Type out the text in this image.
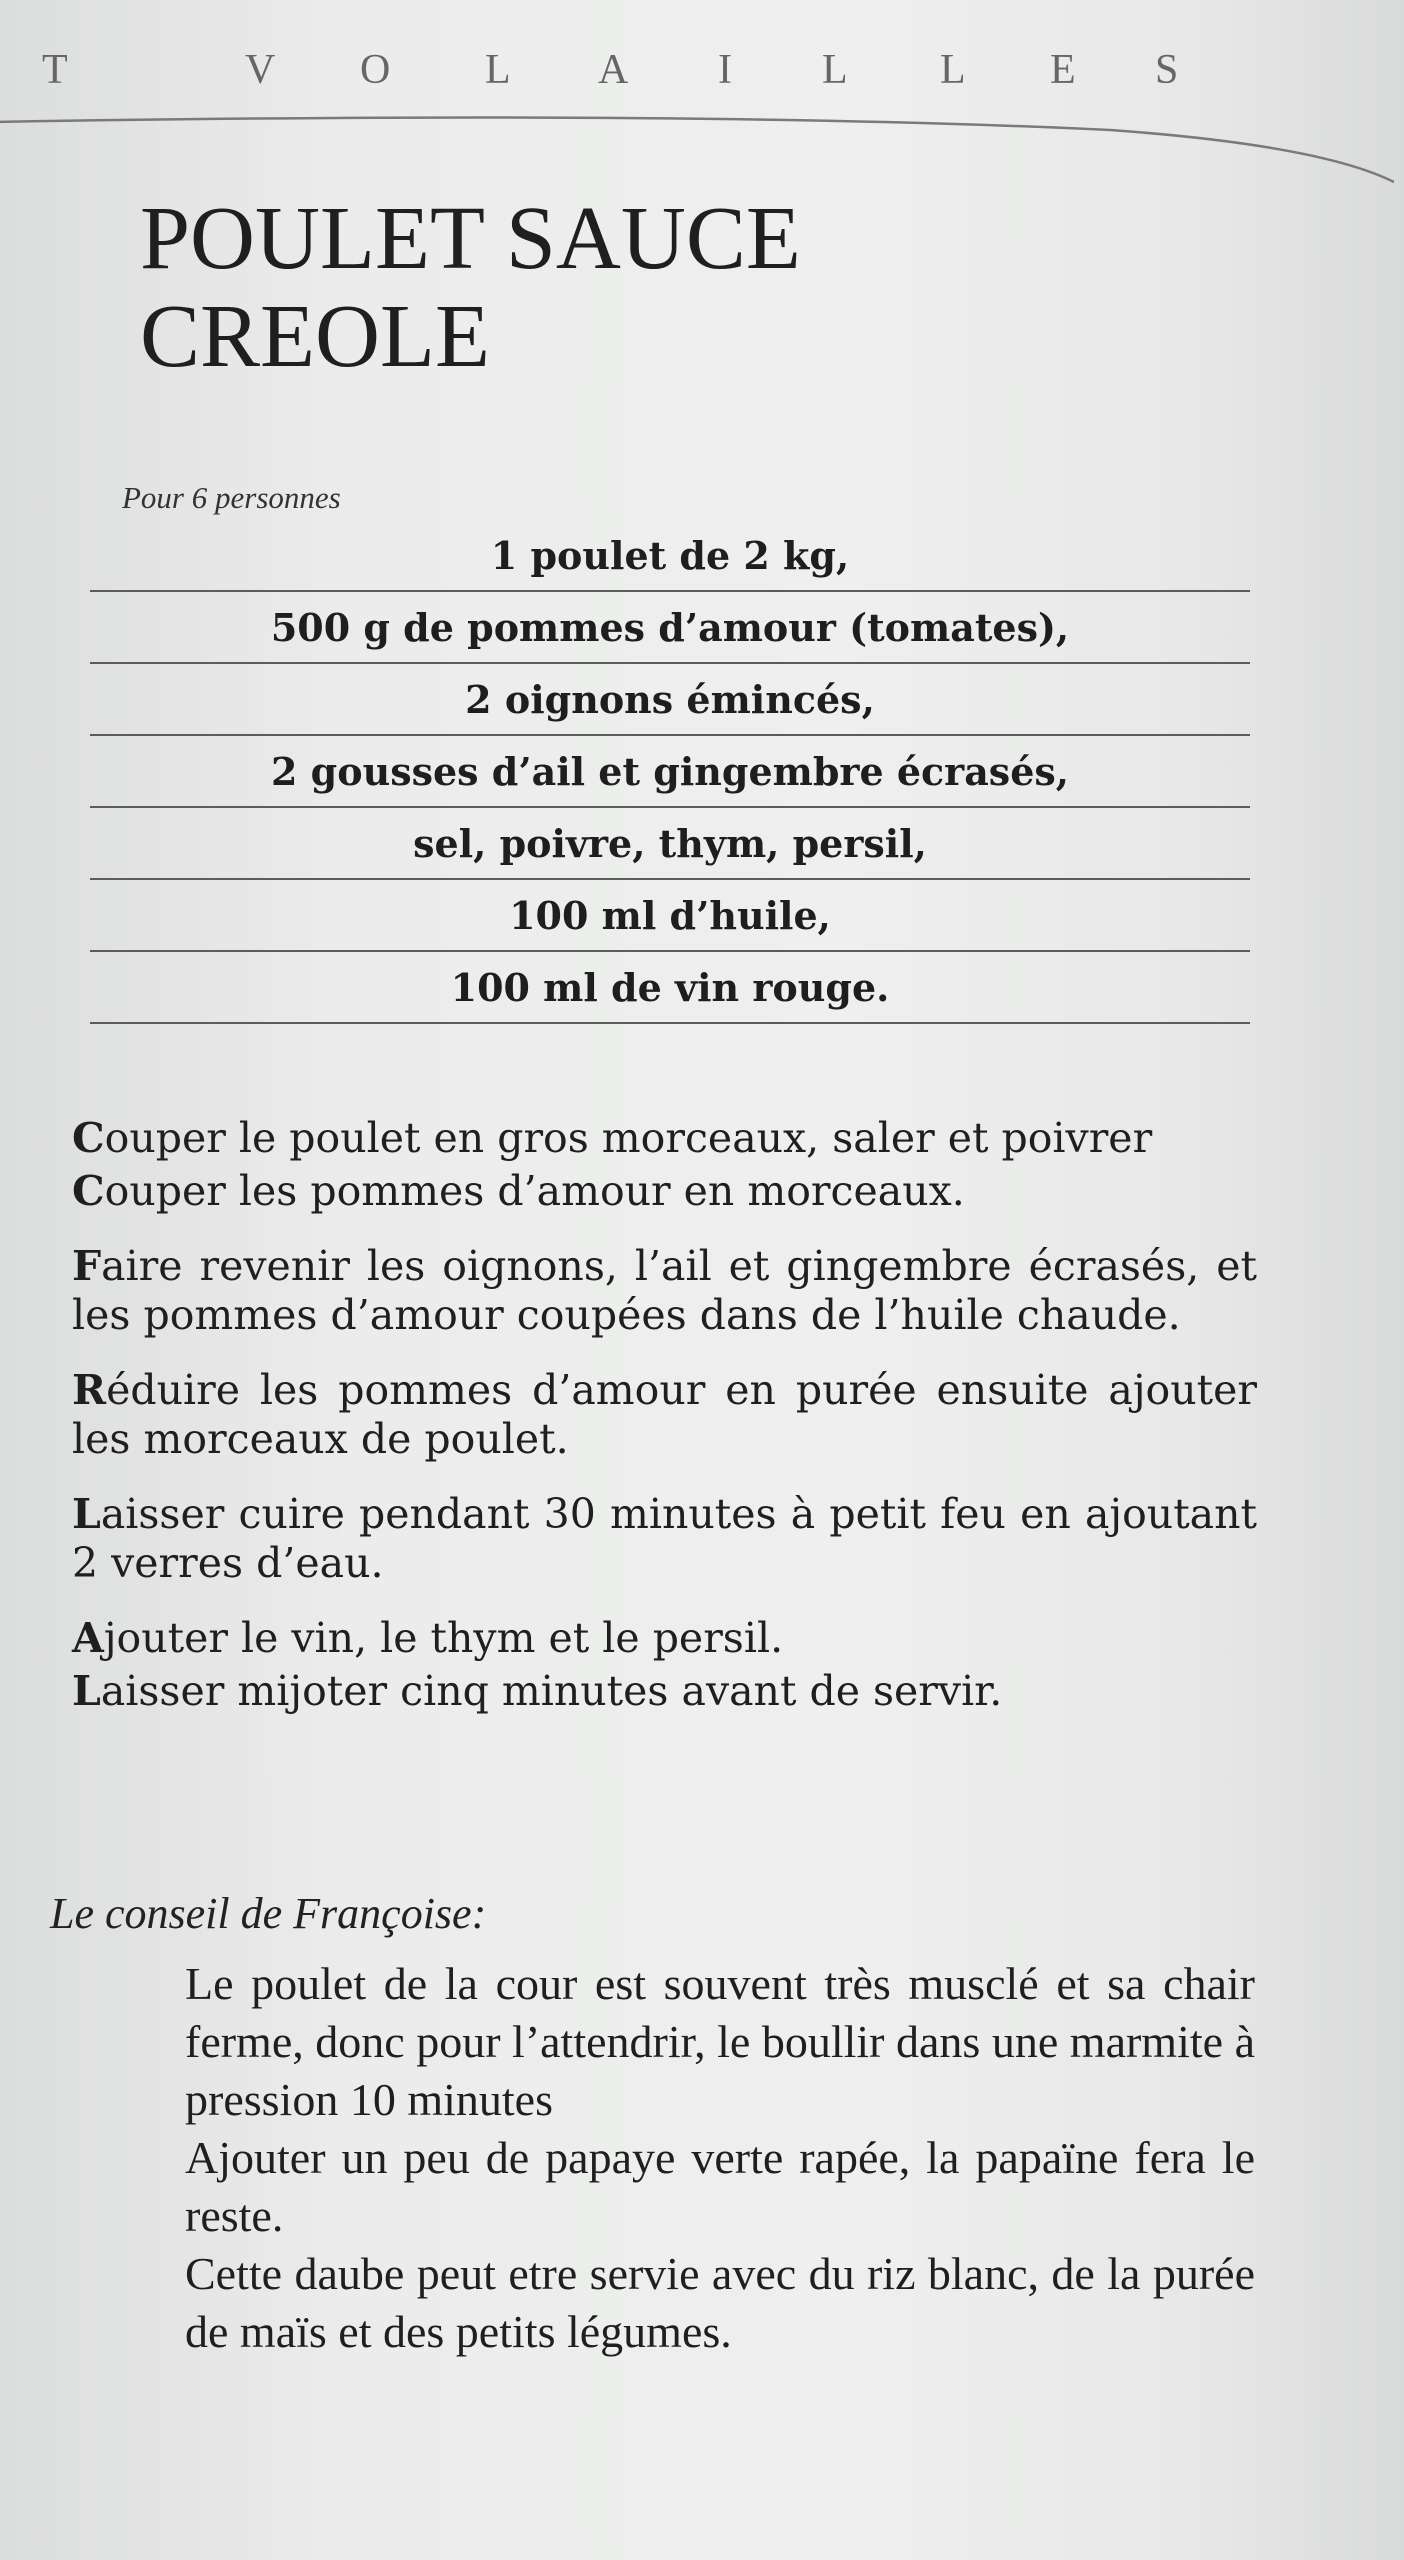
T	V O L A I L L E S
POULET SAUCE
CREOLE
Pour 6 personnes
1 poulet de 2 kg,
500 g de pommes d’amour (tomates),
2 oignons émincés,
2 gousses d’ail et gingembre écrasés,
sel, poivre, thym, persil,
100 ml d’huile,
100 ml de vin rouge.

Couper le poulet en gros morceaux, saler et poivrer

Couper les pommes d’amour en morceaux.

Faire revenir les oignons, l’ail et gingembre écrasés, et les pommes d’amour coupées dans de l’huile chaude.

Réduire les pommes d’amour en purée ensuite ajouter les morceaux de poulet.

Laisser cuire pendant 30 minutes à petit feu en ajoutant 2 verres d’eau.

Ajouter le vin, le thym et le persil.

Laisser mijoter cinq minutes avant de servir.

Le conseil de Françoise:

Le poulet de la cour est souvent très musclé et sa chair ferme, donc pour l’attendrir, le boullir dans une marmite à pression 10 minutes

Ajouter un peu de papaye verte rapée, la papaïne fera le reste.

Cette daube peut etre servie avec du riz blanc, de la purée de maïs et des petits légumes.
